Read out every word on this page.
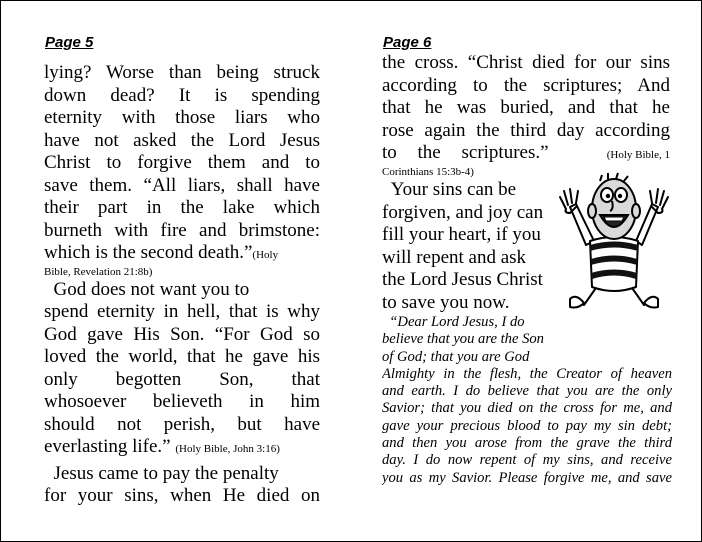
Page 5
lying? Worse than being struck
down dead? It is spending
eternity with those liars who
have not asked the Lord Jesus
Christ to forgive them and to
save them. “All liars, shall have
their part in the lake which
burneth with fire and brimstone:
which is the second death.”(Holy
Bible, Revelation 21:8b)
God does not want you to
spend eternity in hell, that is why
God gave His Son. “For God so
loved the world, that he gave his
only begotten Son, that
whosoever believeth in him
should not perish, but have
everlasting life.” (Holy Bible, John 3:16)
Jesus came to pay the penalty
for your sins, when He died on
Page 6
the cross. “Christ died for our sins
according to the scriptures; And
that he was buried, and that he
rose again the third day according
to the scriptures.”	(Holy Bible, 1
Corinthians 15:3b-4)
Your sins can be
forgiven, and joy can
fill your heart, if you
will repent and ask
the Lord Jesus Christ
to save you now.
“Dear Lord Jesus, I do
believe that you are the Son
of God; that you are God
Almighty in the flesh, the Creator of heaven
and earth. I do believe that you are the only
Savior; that you died on the cross for me, and
gave your precious blood to pay my sin debt;
and then you arose from the grave the third
day. I do now repent of my sins, and receive
you as my Savior. Please forgive me, and save
